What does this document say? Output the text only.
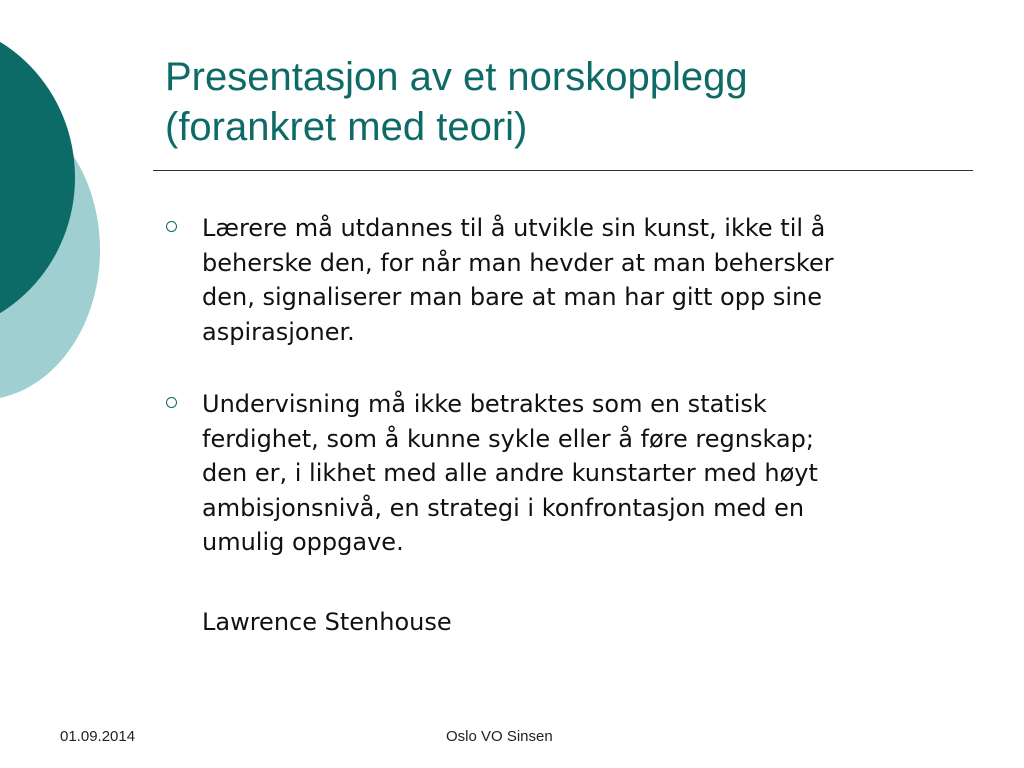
Presentasjon av et norskopplegg
(forankret med teori)
Lærere må utdannes til å utvikle sin kunst, ikke til å
beherske den, for når man hevder at man behersker
den, signaliserer man bare at man har gitt opp sine
aspirasjoner.
Undervisning må ikke betraktes som en statisk
ferdighet, som å kunne sykle eller å føre regnskap;
den er, i likhet med alle andre kunstarter med høyt
ambisjonsnivå, en strategi i konfrontasjon med en
umulig oppgave.

Lawrence Stenhouse

01.09.2014	Oslo VO Sinsen
